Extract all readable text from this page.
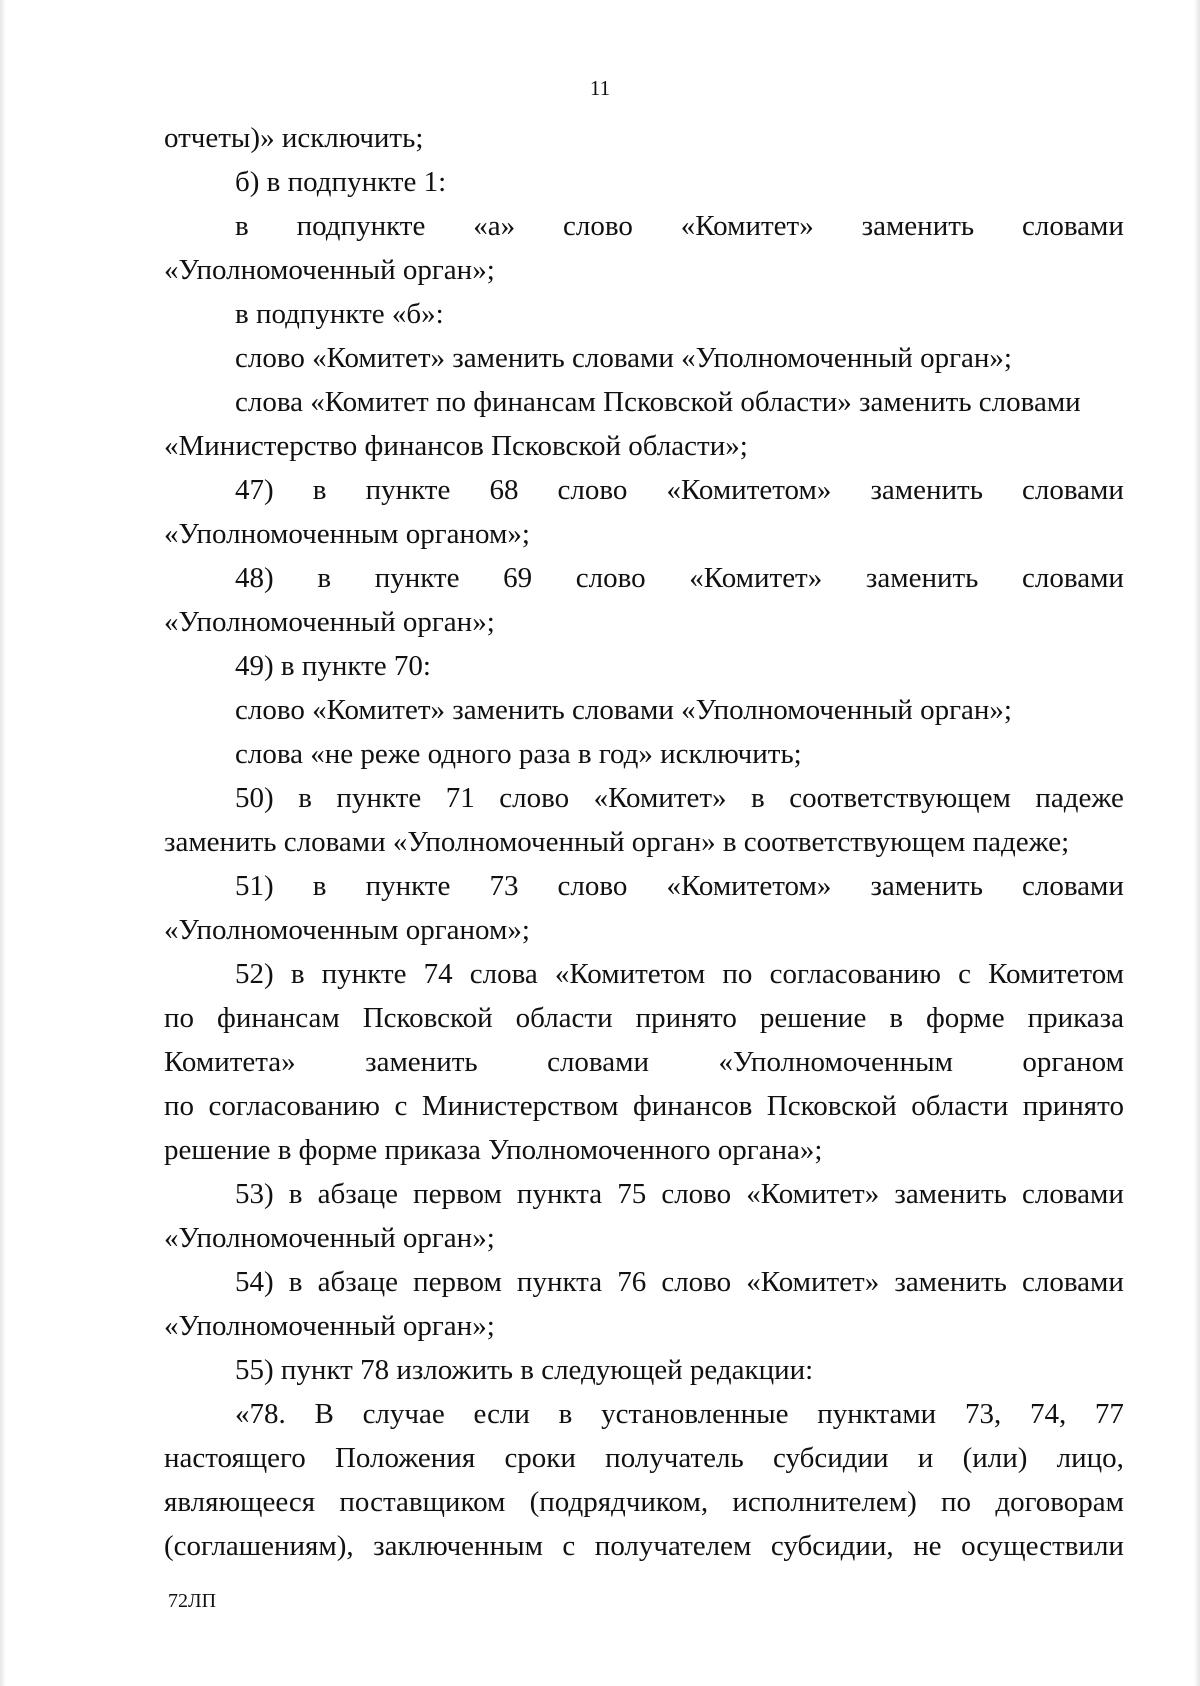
11
отчеты)» исключить;
б) в подпункте 1:
в подпункте «а» слово «Комитет» заменить словами
«Уполномоченный орган»;
в подпункте «б»:
слово «Комитет» заменить словами «Уполномоченный орган»;
слова «Комитет по финансам Псковской области» заменить словами
«Министерство финансов Псковской области»;
47) в пункте 68 слово «Комитетом» заменить словами
«Уполномоченным органом»;
48) в пункте 69 слово «Комитет» заменить словами
«Уполномоченный орган»;
49) в пункте 70:
слово «Комитет» заменить словами «Уполномоченный орган»;
слова «не реже одного раза в год» исключить;
50) в пункте 71 слово «Комитет» в соответствующем падеже
заменить словами «Уполномоченный орган» в соответствующем падеже;
51) в пункте 73 слово «Комитетом» заменить словами
«Уполномоченным органом»;
52) в пункте 74 слова «Комитетом по согласованию с Комитетом
по финансам Псковской области принято решение в форме приказа
Комитета» заменить словами «Уполномоченным органом
по согласованию с Министерством финансов Псковской области принято
решение в форме приказа Уполномоченного органа»;
53) в абзаце первом пункта 75 слово «Комитет» заменить словами
«Уполномоченный орган»;
54) в абзаце первом пункта 76 слово «Комитет» заменить словами
«Уполномоченный орган»;
55) пункт 78 изложить в следующей редакции:
«78. В случае если в установленные пунктами 73, 74, 77
настоящего Положения сроки получатель субсидии и (или) лицо,
являющееся поставщиком (подрядчиком, исполнителем) по договорам
(соглашениям), заключенным с получателем субсидии, не осуществили
72ЛП
